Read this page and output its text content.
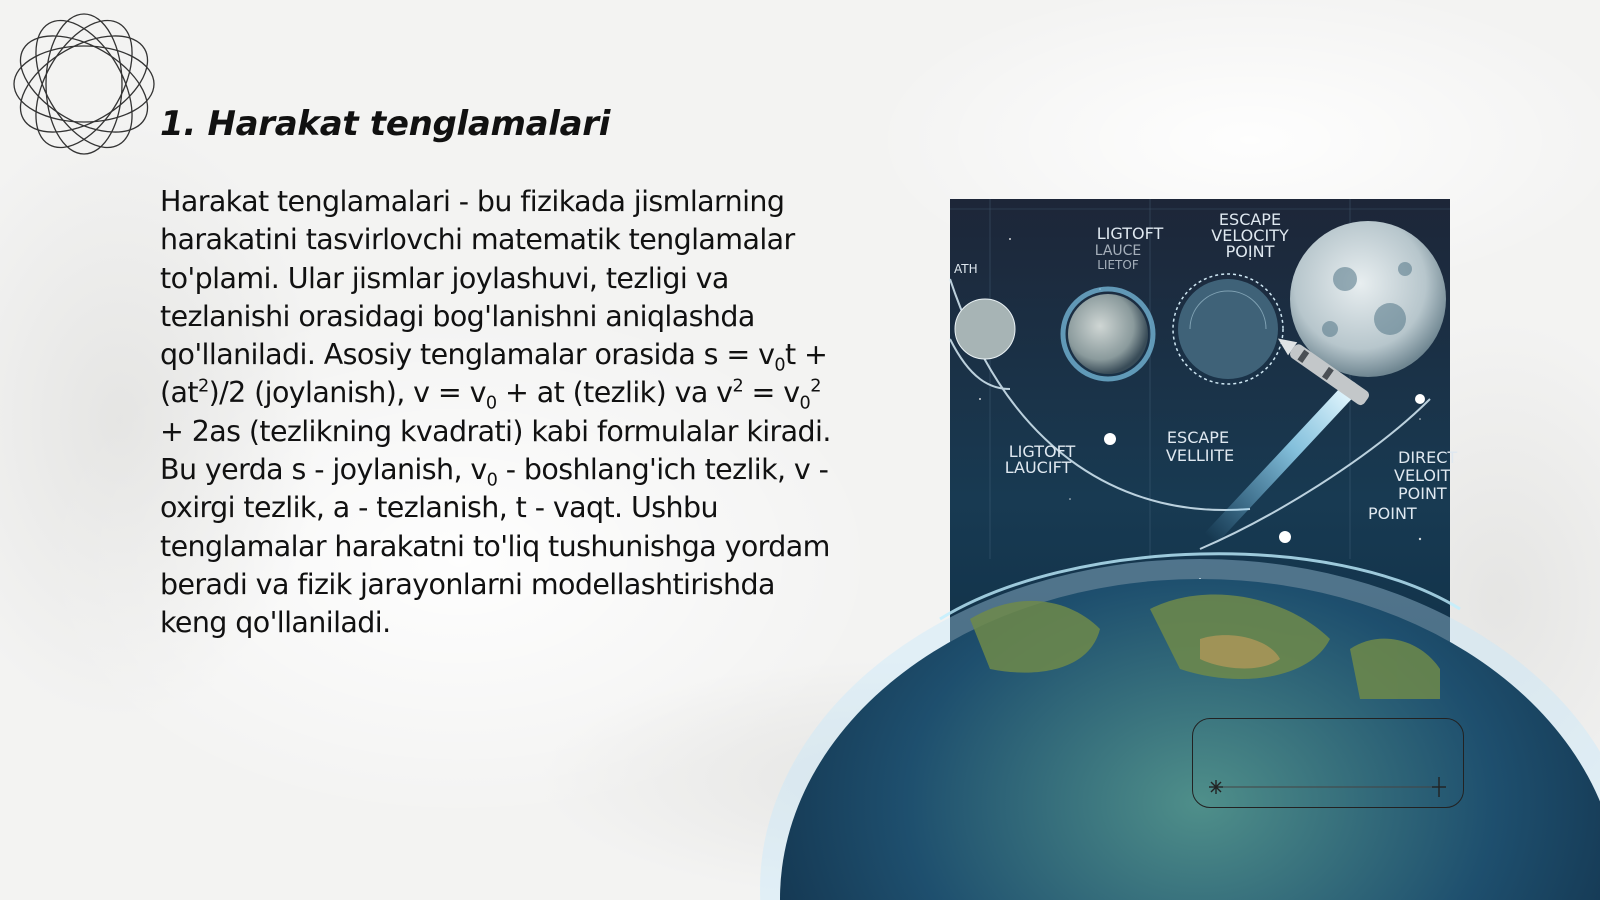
1. Harakat tenglamalari

Harakat tenglamalari - bu fizikada jismlarning harakatini tasvirlovchi matematik tenglamalar to'plami. Ular jismlar joylashuvi, tezligi va tezlanishi orasidagi bog'lanishni aniqlashda qo'llaniladi. Asosiy tenglamalar orasida $s = v_0t + (at^2)/2$ (joylanish), $v = v_0$ + at (tezlik) va $v^2 = v_0^2 + 2as$ (tezlikning kvadrati) kabi formulalar kiradi. Bu yerda s - joylanish, $v_0$ - boshlang'ich tezlik, v - oxirgi tezlik, a - tezlanish, t - vaqt. Ushbu tenglamalar harakatni to'liq tushunishga yordam beradi va fizik jarayonlarni modellashtirishda keng qo'llaniladi.

ESCAPE
VELOCITY
POINT
LIGTOFT
LAUCE
LIETOF
ATH
LIGTOFT
LAUCIFT
ESCAPE
VELLIITE	DIRECT
VELOIT
POINT
POINT
